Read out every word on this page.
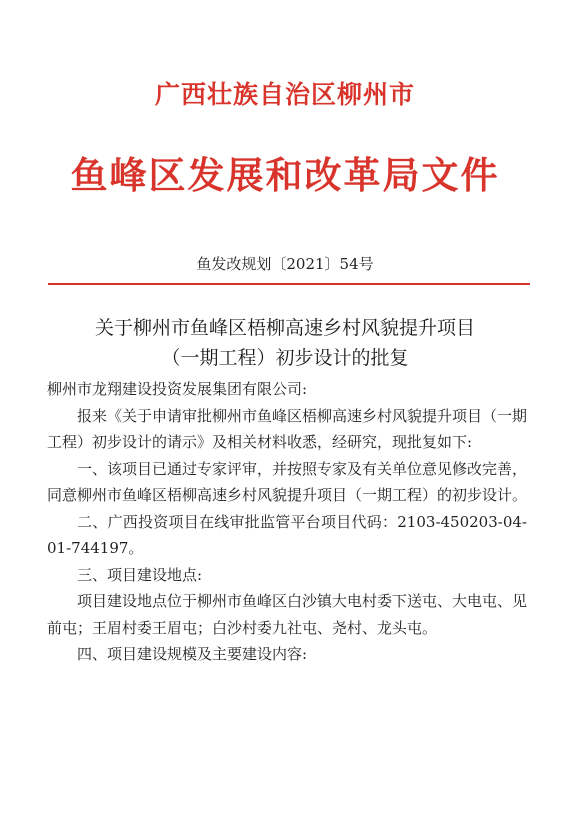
广西壮族自治区柳州市
鱼峰区发展和改革局文件
鱼发改规划〔2021〕54号
关于柳州市鱼峰区梧柳高速乡村风貌提升项目
（一期工程）初步设计的批复

柳州市龙翔建设投资发展集团有限公司:

报来《关于申请审批柳州市鱼峰区梧柳高速乡村风貌提升项目（一期工程）初步设计的请示》及相关材料收悉，经研究，现批复如下:

一、该项目已通过专家评审，并按照专家及有关单位意见修改完善，同意柳州市鱼峰区梧柳高速乡村风貌提升项目（一期工程）的初步设计。

二、广西投资项目在线审批监管平台项目代码：2103-450203-04-01-744197。

三、项目建设地点:

项目建设地点位于柳州市鱼峰区白沙镇大电村委下送屯、大电屯、见前屯；王眉村委王眉屯；白沙村委九社屯、尧村、龙头屯。

四、项目建设规模及主要建设内容:
